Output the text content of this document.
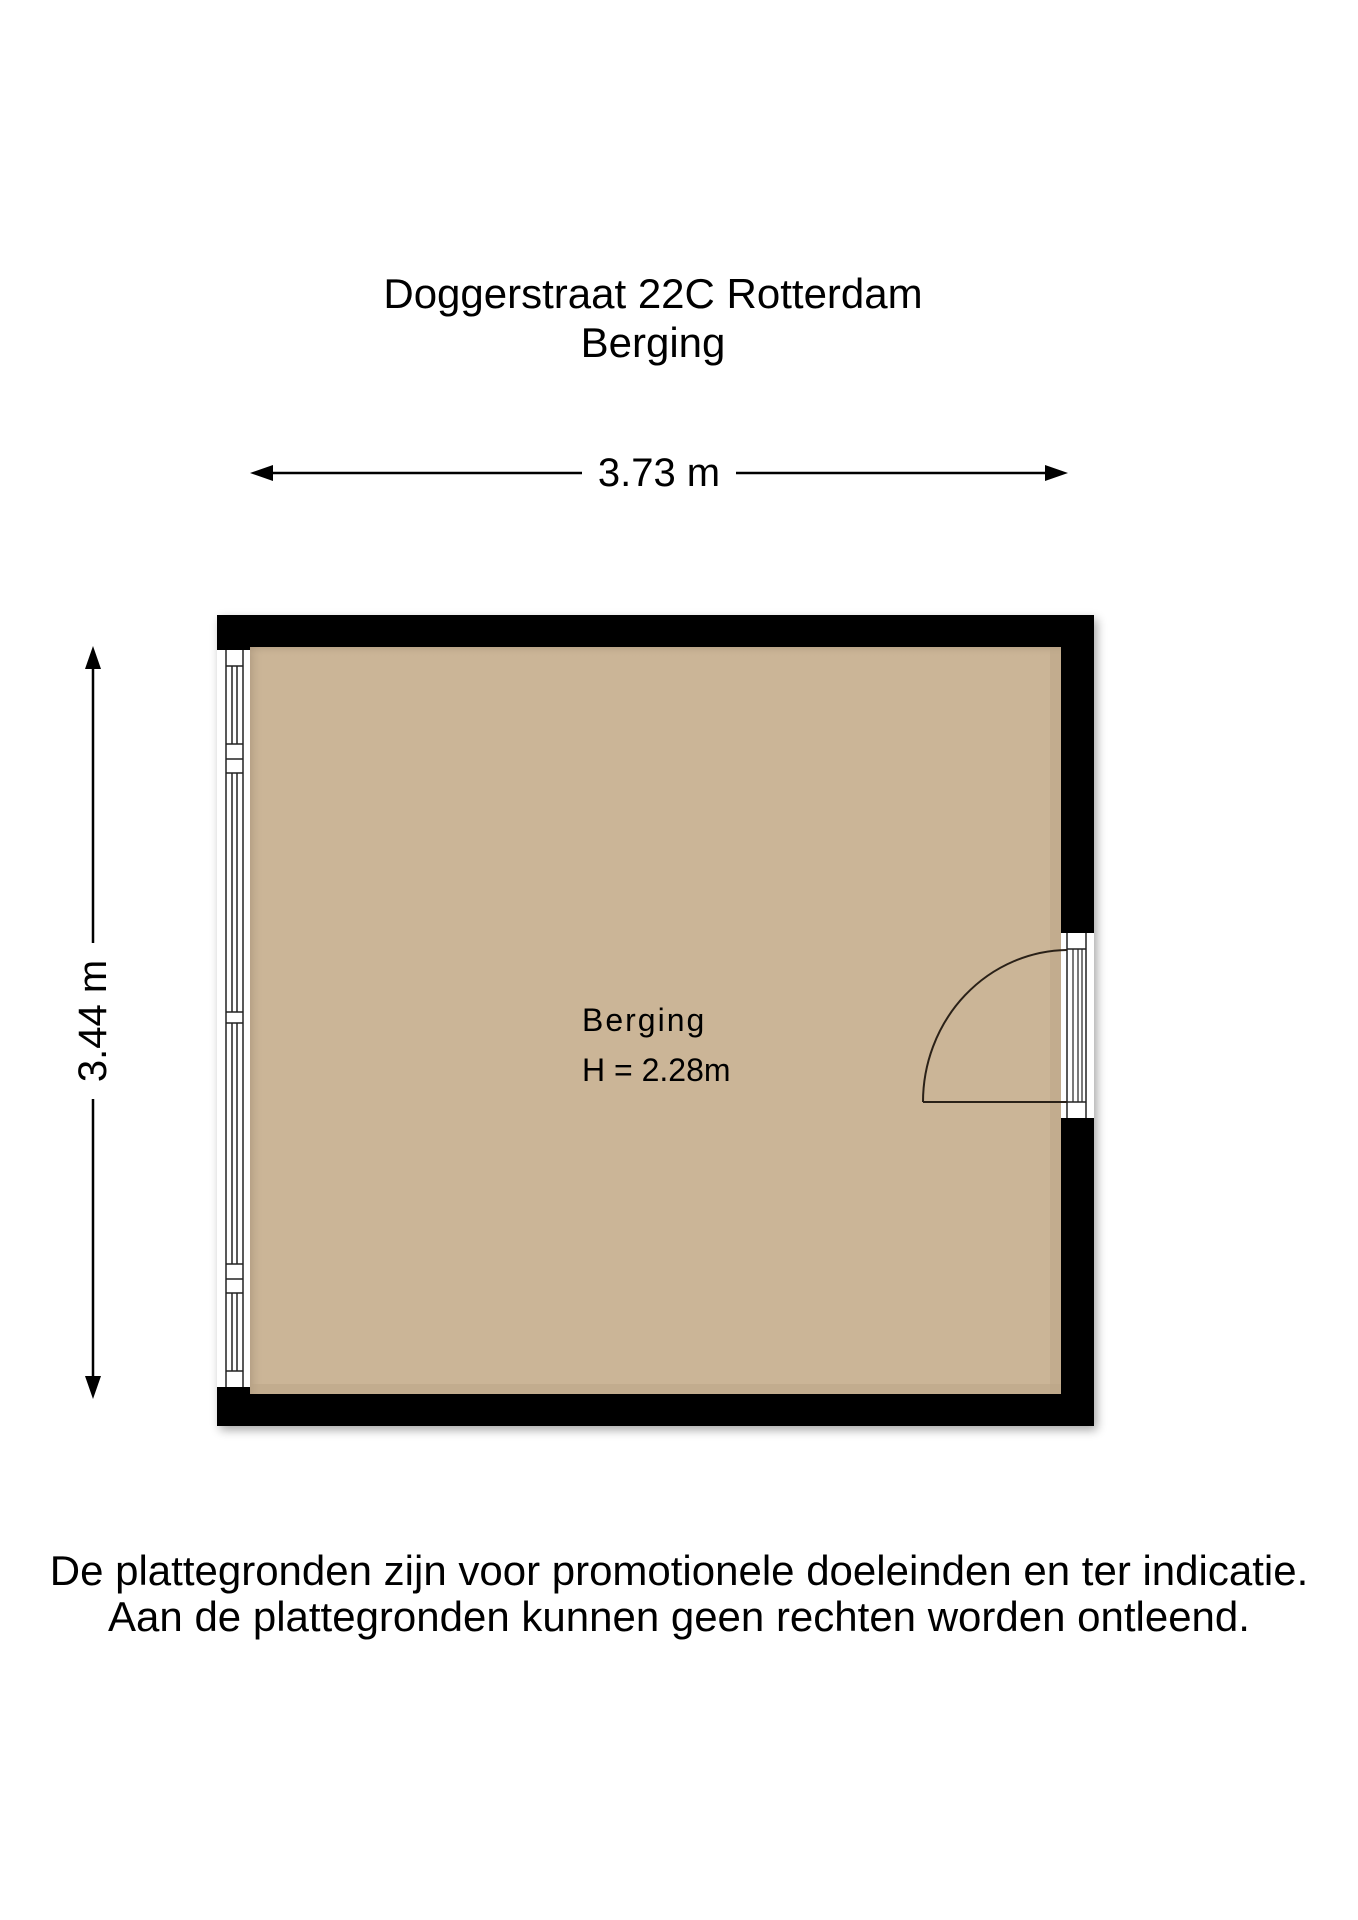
Doggerstraat 22C Rotterdam
Berging
3.73 m
3.44 m	Berging
H = 2.28m
De plattegronden zijn voor promotionele doeleinden en ter indicatie.
Aan de plattegronden kunnen geen rechten worden ontleend.
